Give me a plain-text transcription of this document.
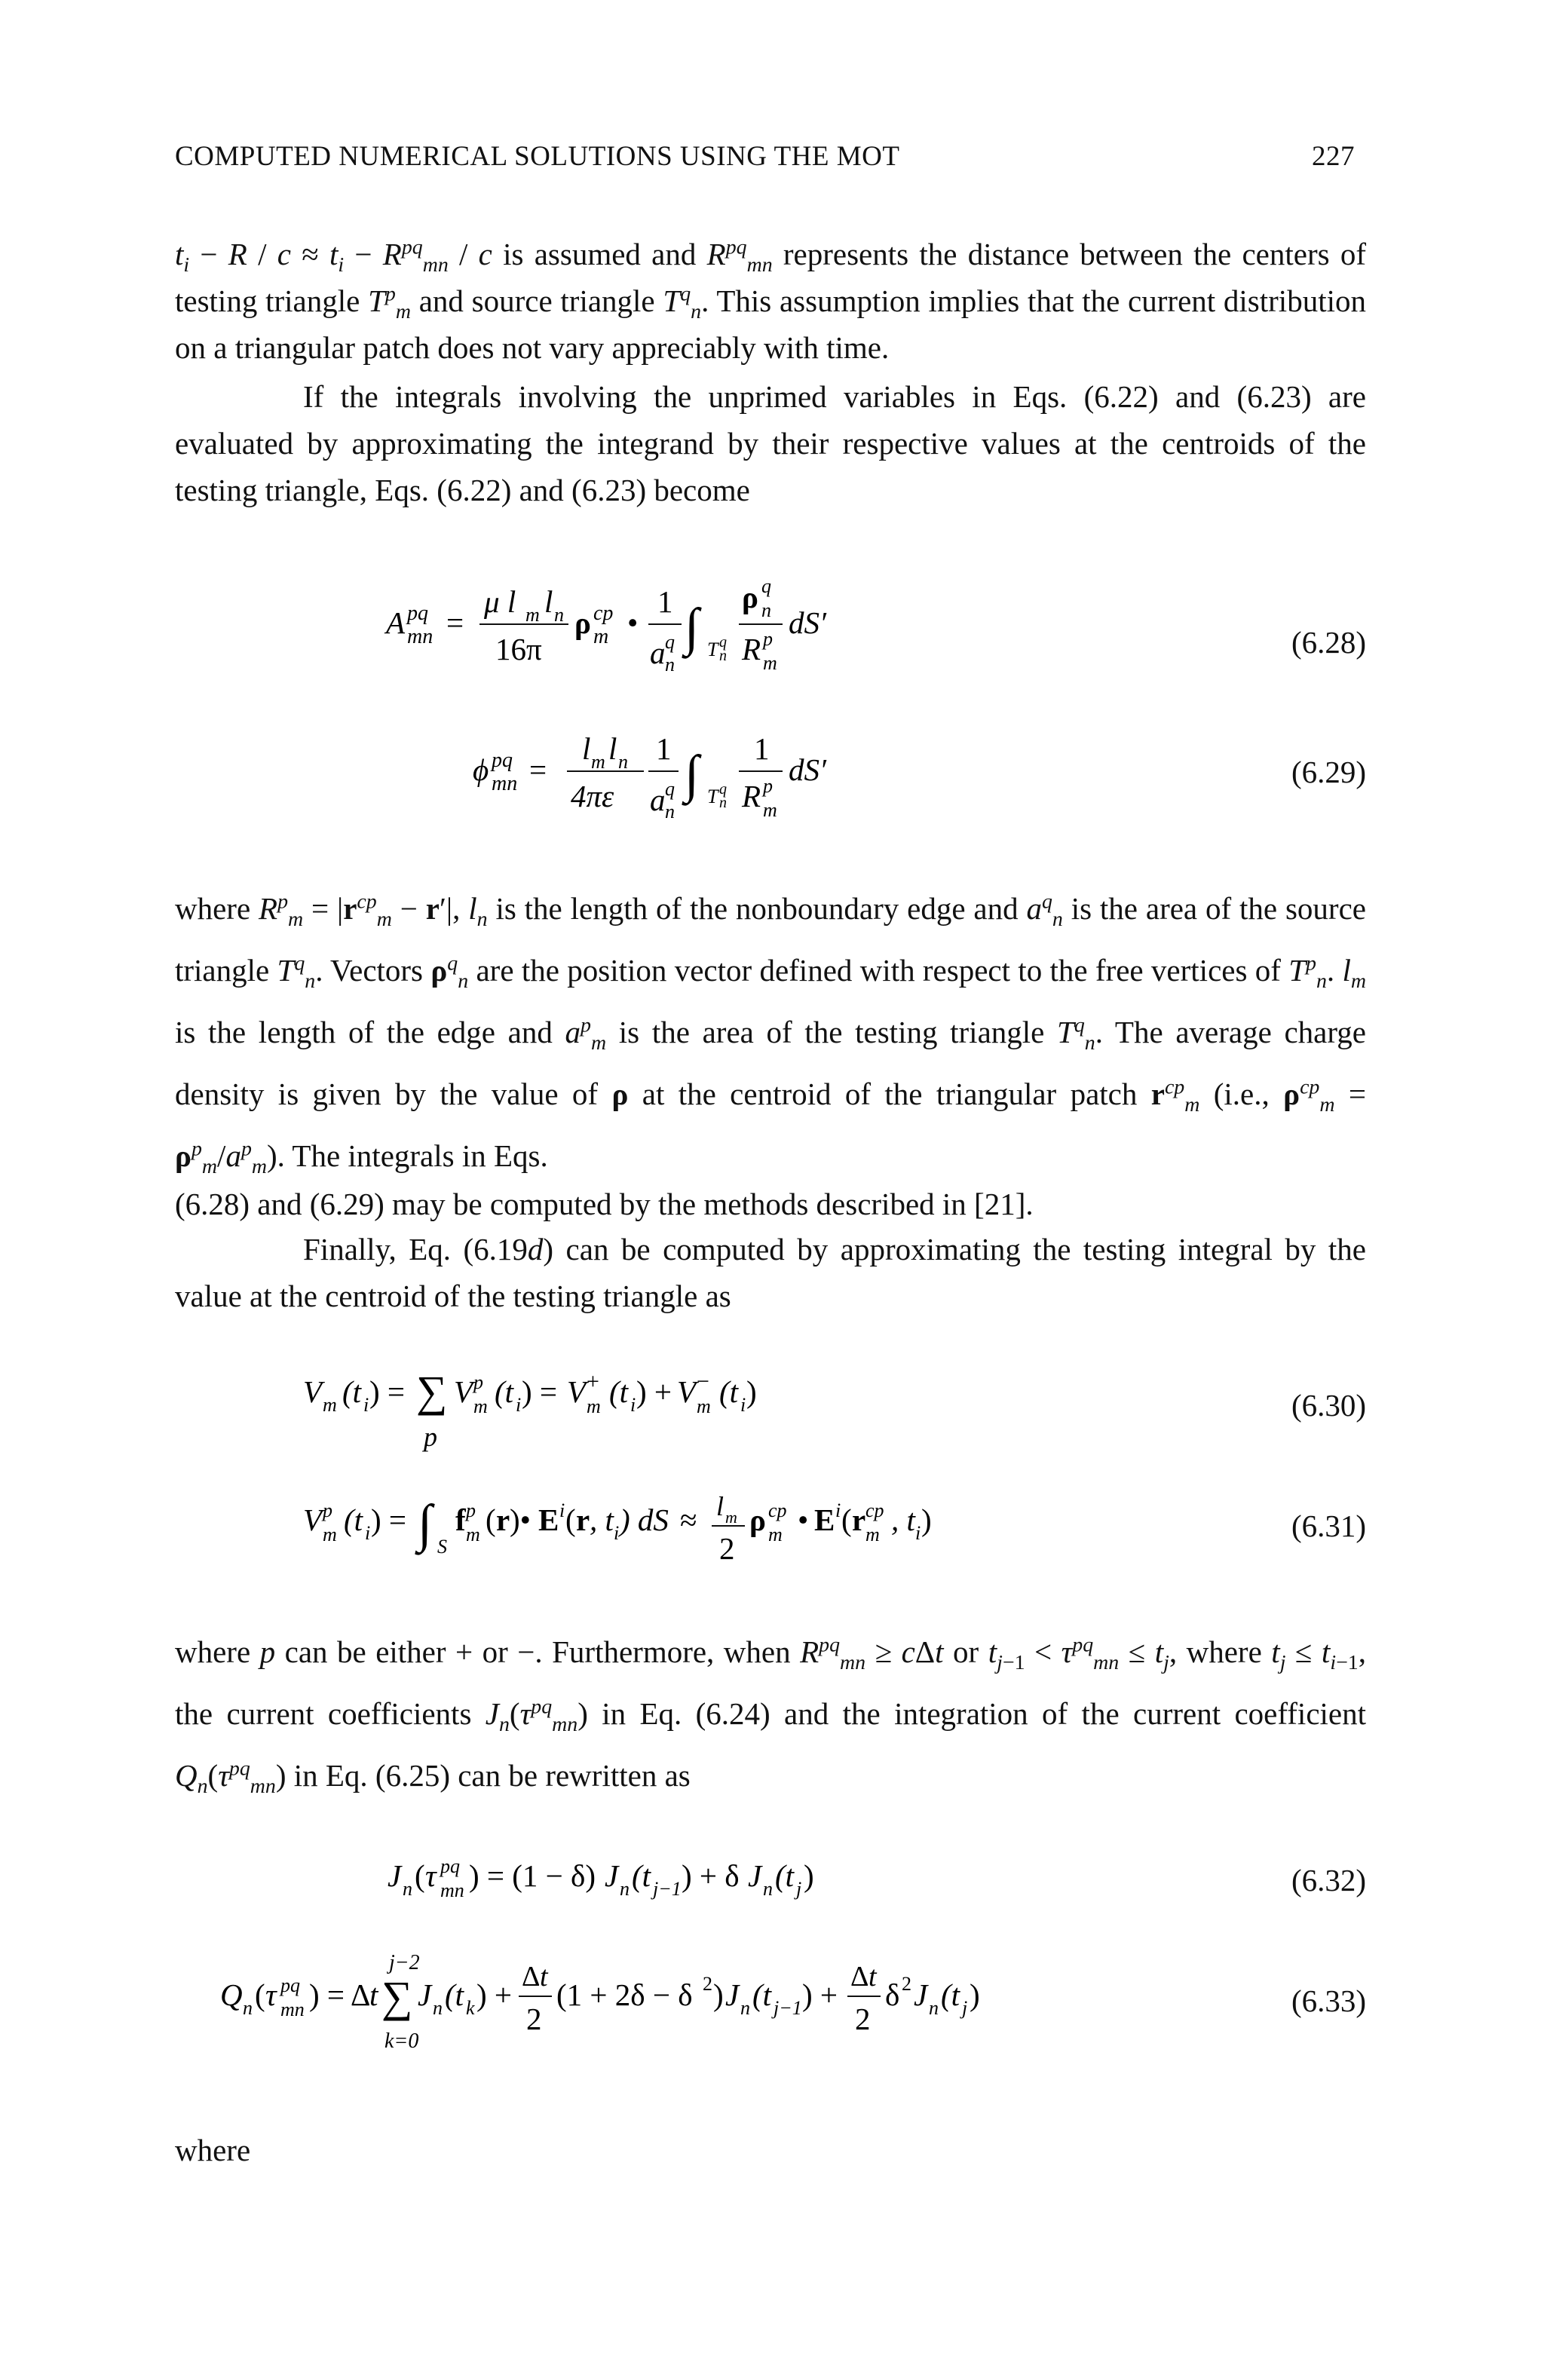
COMPUTED NUMERICAL SOLUTIONS USING THE MOT	227
$t_i - R / c \approx t_i - R^{pq}_{mn} / c$ is assumed and $R^{pq}_{mn}$ represents the distance between the centers of testing triangle $T^p_m$ and source triangle $T^q_n$. This assumption implies that the current distribution on a triangular patch does not vary appreciably with time.
If the integrals involving the unprimed variables in Eqs. (6.22) and (6.23) are evaluated by approximating the integrand by their respective values at the centroids of the testing triangle, Eqs. (6.22) and (6.23) become
A pq
mn =
μ l m l n
16π
ρ cp
m •
1
a q
n
∫ T q
n
ρ q
n
R p
m
dS′
(6.28)
ϕ pq
mn =
l m l n
4πε
1
a q
n
∫ T q
n
1
R p
m
dS′	(6.29)
where $R^p_m = |r^{cp}_m - r'|$, $l_n$ is the length of the nonboundary edge and $a^q_n$ is the area of the source triangle $T^q_n$. Vectors $\rho^q_n$ are the position vector defined with respect to the free vertices of $T^p_n$. $l_m$ is the length of the edge and $a^p_m$ is the area of the testing triangle $T^q_n$. The average charge density is given by the value of ρ at the centroid of the triangular patch $r^{cp}_m$ (i.e., $\rho^{cp}_m = \rho^p_m/a^p_m$). The integrals in Eqs.
(6.28) and (6.29) may be computed by the methods described in [21].
Finally, Eq. (6.19d) can be computed by approximating the testing integral by the value at the centroid of the testing triangle as
V m (t i ) = ∑ V p
m (t i ) = V +
m (t i ) + V −
m (t i )
p
(6.30)
V p
m (t i ) = ∫ S
f p
m ( r )• E i ( r , t i ) dS ≈ l m
2
ρ cp
m • E i ( r cp
m , t i )	(6.31)
where p can be either + or −. Furthermore, when $R^{pq}_{mn} \ge c\Delta t$ or $t_{j-1} < \tau^{pq}_{mn} \le t_j$, where $t_j \le t_{i-1}$, the current coefficients $J_n(\tau^{pq}_{mn})$ in Eq. (6.24) and the integration of the current coefficient $Q_n(\tau^{pq}_{mn})$ in Eq. (6.25) can be rewritten as
J n ( τ pq
mn ) = (1 − δ) J n (t j−1 ) + δ J n (t j )	(6.32)
Q n ( τ pq
mn ) = Δ
t ∑
j−2
k=0
J n (t k ) +
Δ t
2
(1 + 2δ − δ 2 ) J n (t j−1 ) +
Δ t
2
δ 2 J n (t j )	(6.33)
where
